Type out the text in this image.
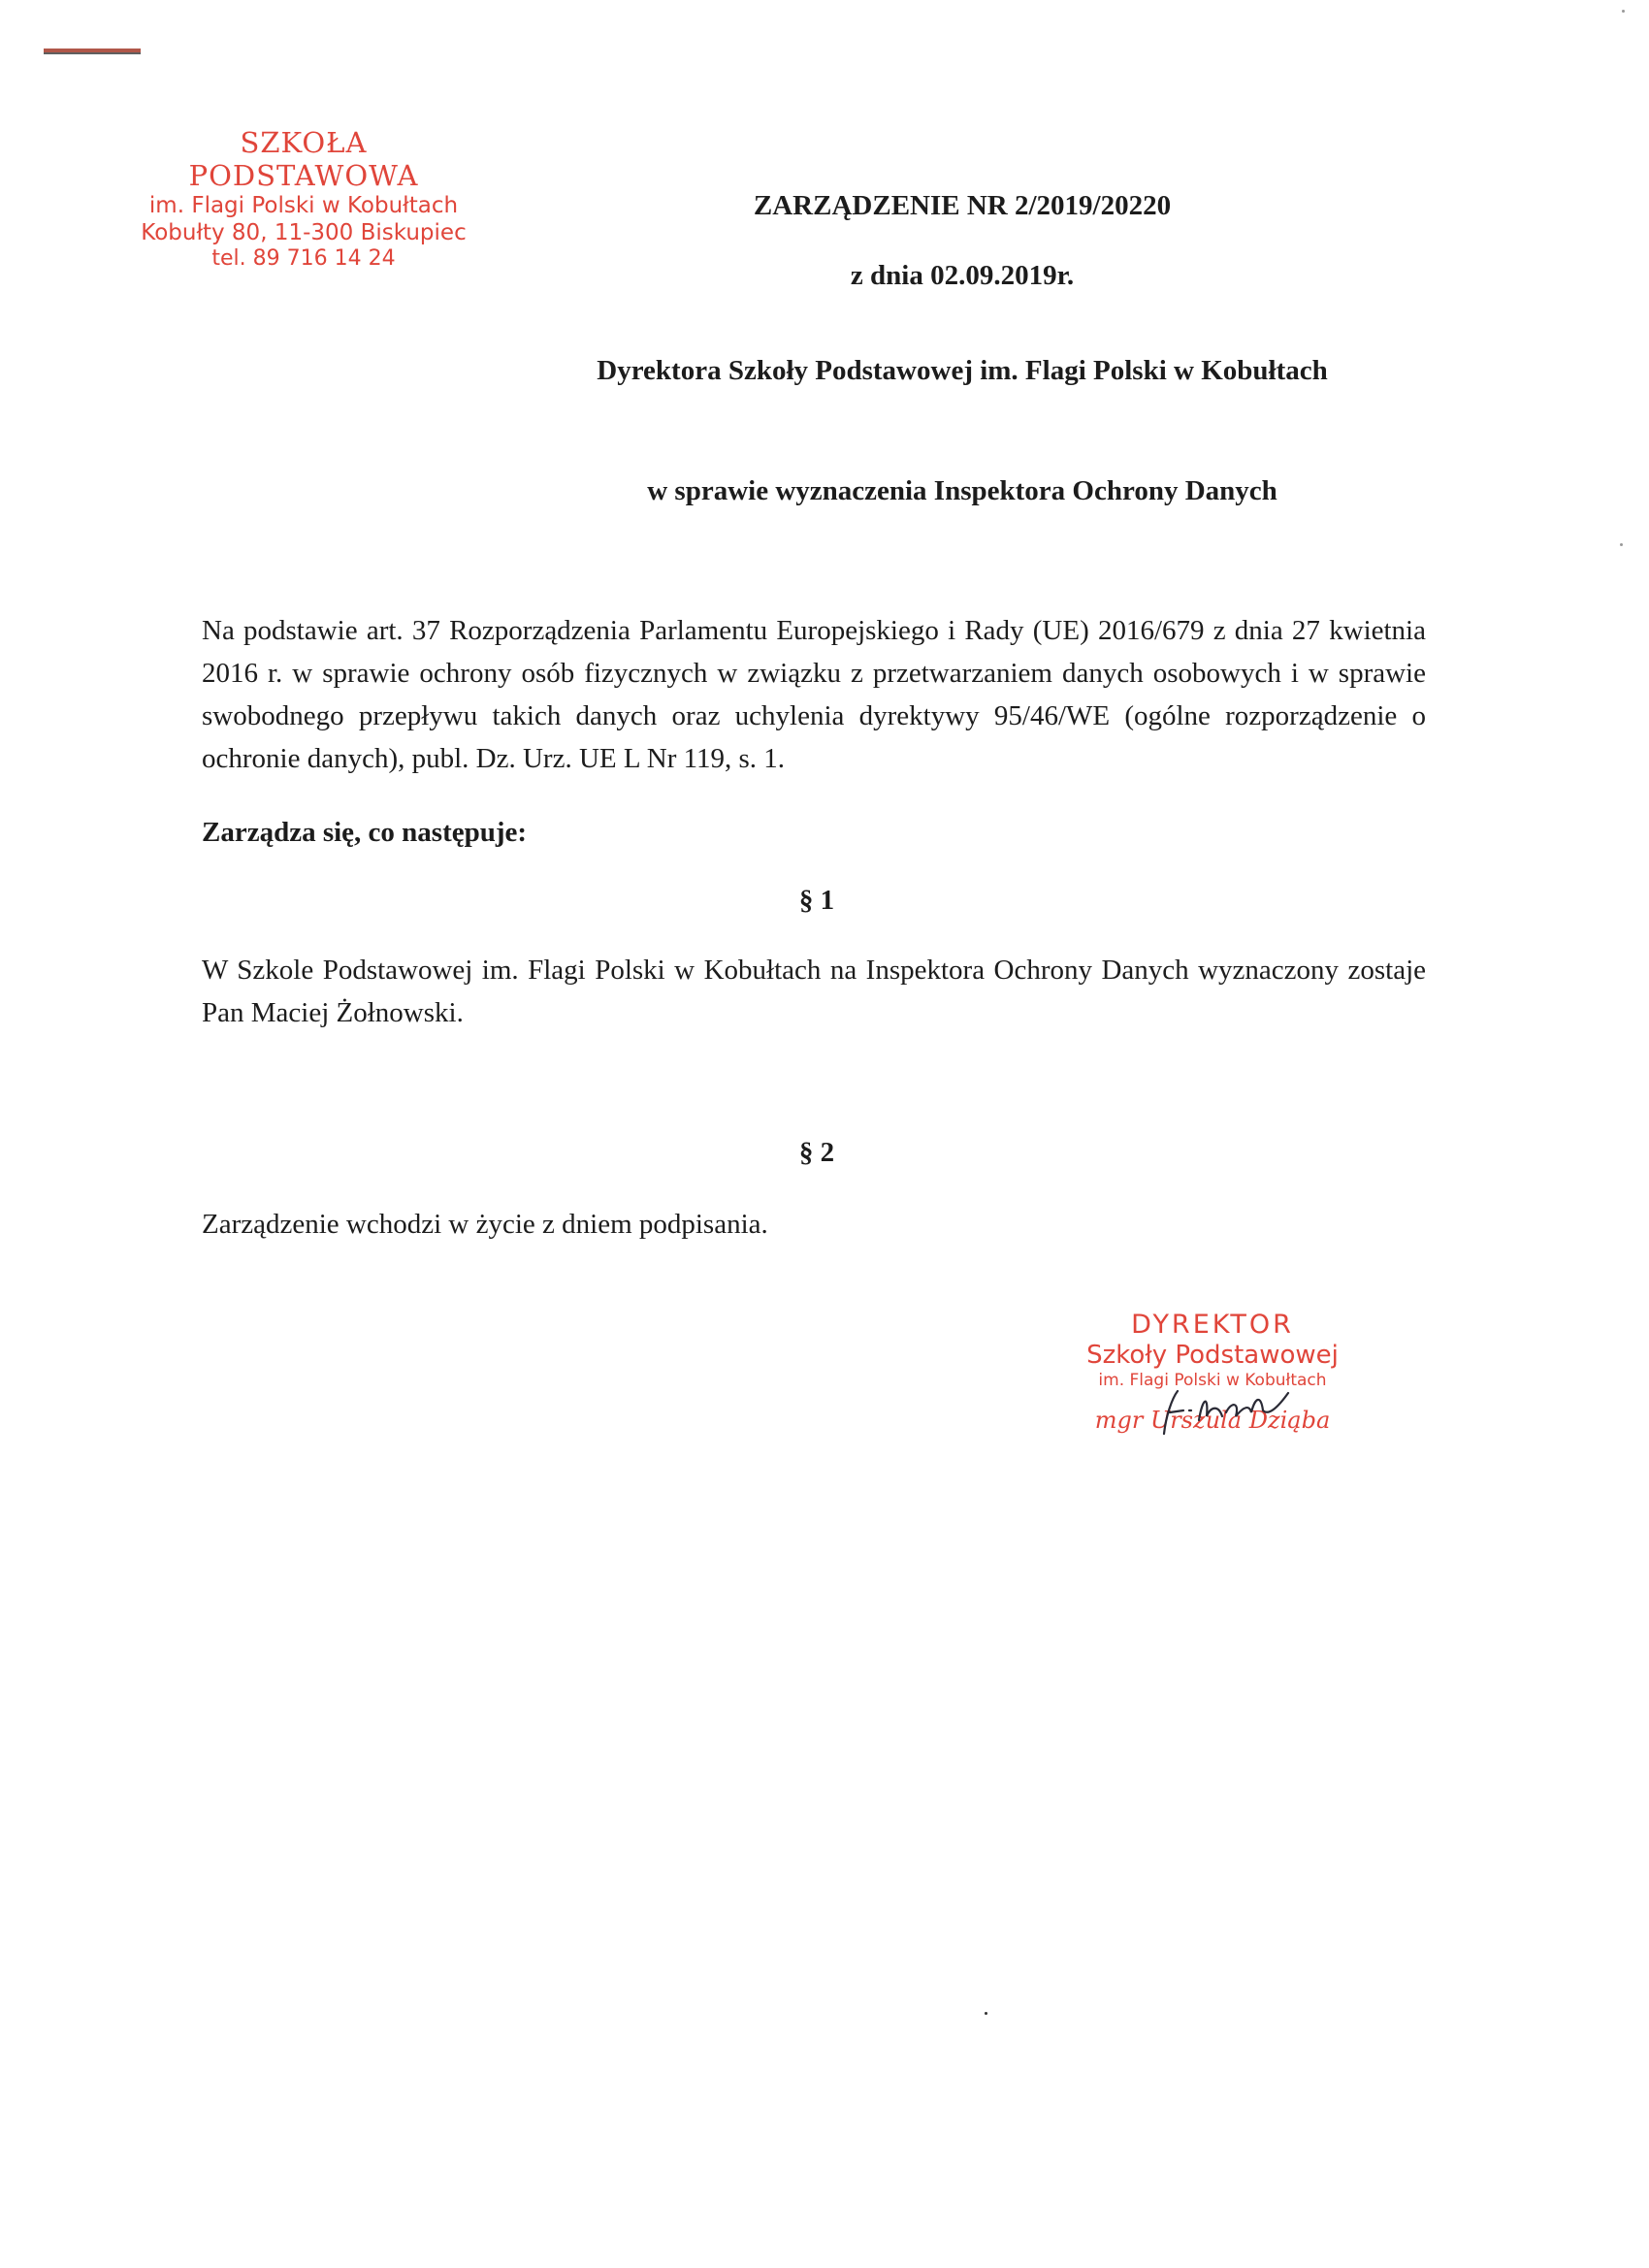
SZKOŁA PODSTAWOWA
im. Flagi Polski w Kobułtach
Kobułty 80, 11-300 Biskupiec
tel. 89 716 14 24
ZARZĄDZENIE NR 2/2019/20220
z dnia 02.09.2019r.
Dyrektora Szkoły Podstawowej im. Flagi Polski w Kobułtach
w sprawie wyznaczenia Inspektora Ochrony Danych
Na podstawie art. 37 Rozporządzenia Parlamentu Europejskiego i Rady (UE) 2016/679 z dnia 27 kwietnia 2016 r. w sprawie ochrony osób fizycznych w związku z przetwarzaniem danych osobowych i w sprawie swobodnego przepływu takich danych oraz uchylenia dyrektywy 95/46/WE (ogólne rozporządzenie o ochronie danych), publ. Dz. Urz. UE L Nr 119, s. 1.
Zarządza się, co następuje:
§ 1
W Szkole Podstawowej im. Flagi Polski w Kobułtach na Inspektora Ochrony Danych wyznaczony zostaje Pan Maciej Żołnowski.
§ 2
Zarządzenie wchodzi w życie z dniem podpisania.
DYREKTOR
Szkoły Podstawowej
im. Flagi Polski w Kobułtach
mgr Urszula Dziąba
